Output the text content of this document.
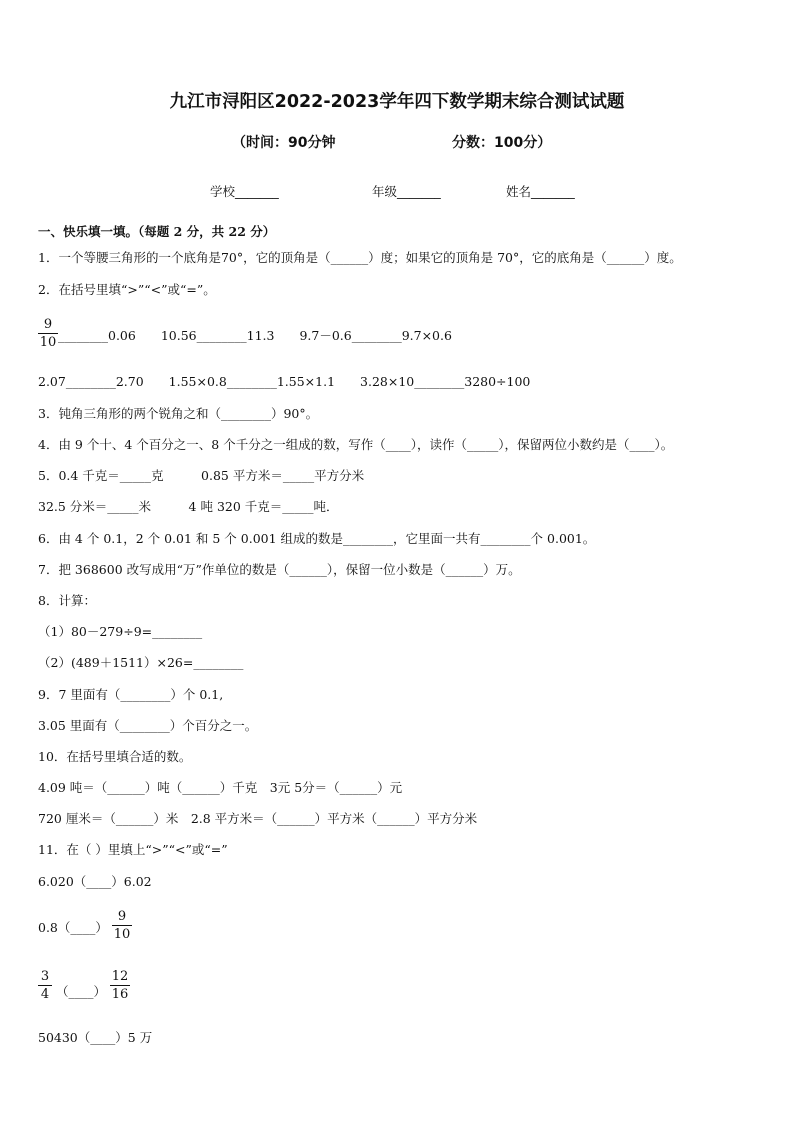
九江市浔阳区2022-2023学年四下数学期末综合测试试题
（时间：90分钟	分数：100分）
学校_______	年级_______	姓名_______
一、快乐填一填。（每题 2 分，共 22 分）
1．一个等腰三角形的一个底角是70°，它的顶角是（______）度；如果它的顶角是 70°，它的底角是（______）度。
2．在括号里填“>”“<”或“=”。
9
10 ________0.06　　10.56________11.3　　9.7－0.6________9.7×0.6
2.07________2.70　　1.55×0.8________1.55×1.1　　3.28×10________3280÷100
3．钝角三角形的两个锐角之和（________）90°。
4．由 9 个十、4 个百分之一、8 个千分之一组成的数，写作（____），读作（_____），保留两位小数约是（____）。
5．0.4 千克＝_____克　　　0.85 平方米＝_____平方分米
32.5 分米＝_____米　　　4 吨 320 千克＝_____吨．
6．由 4 个 0.1，2 个 0.01 和 5 个 0.001 组成的数是________，它里面一共有________个 0.001。
7．把 368600 改写成用“万”作单位的数是（______），保留一位小数是（______）万。
8．计算：
（1）80－279÷9=________
（2）(489＋1511）×26=________
9．7 里面有（________）个 0.1,
3.05 里面有（________）个百分之一。
10．在括号里填合适的数。
4.09 吨＝（______）吨（______）千克　3元 5分＝（______）元
720 厘米＝（______）米　2.8 平方米＝（______）平方米（______）平方分米
11．在（ ）里填上“>”“<”或“=”
6.020（____）6.02
0.8（____）
9
10
3
4 （____）
12
16
50430（____）5 万
